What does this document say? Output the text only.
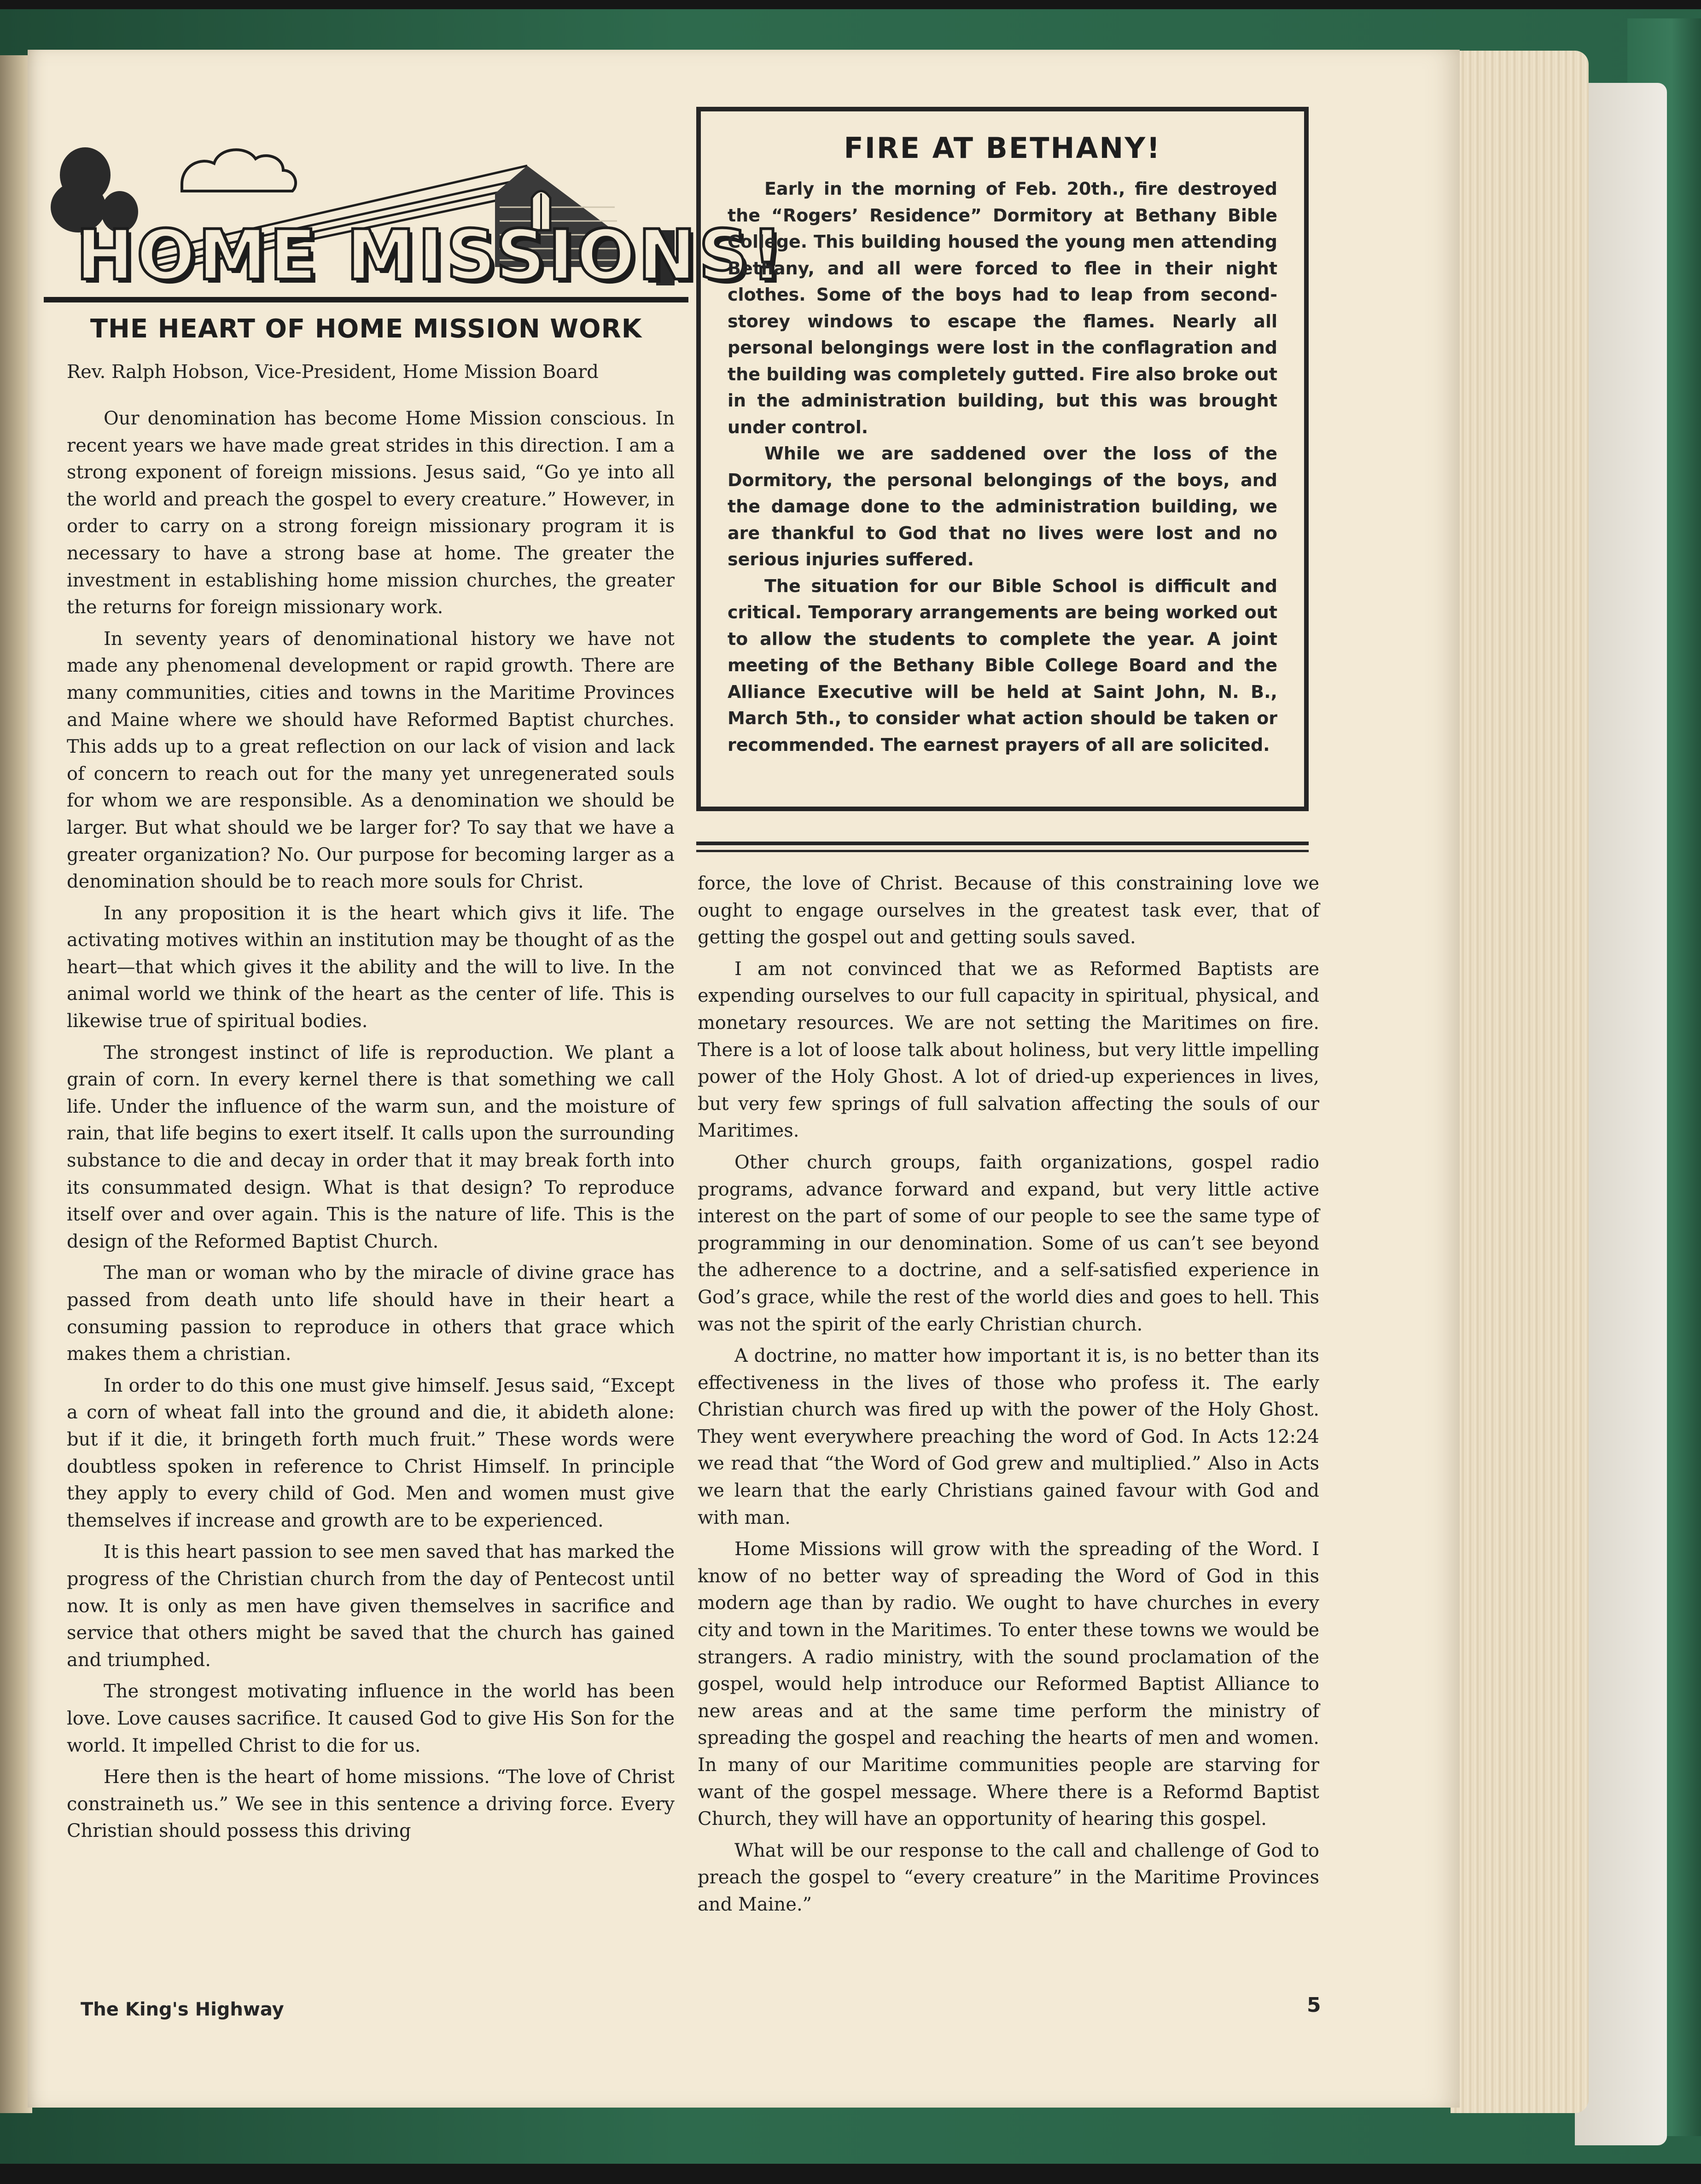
HOME MISSIONS!
THE HEART OF HOME MISSION WORK
Rev. Ralph Hobson, Vice-President, Home Mission Board

Our denomination has become Home Mission conscious. In recent years we have made great strides in this direction. I am a strong exponent of foreign missions. Jesus said, “Go ye into all the world and preach the gospel to every creature.” However, in order to carry on a strong foreign missionary program it is necessary to have a strong base at home. The greater the investment in establishing home mission churches, the greater the returns for foreign missionary work.

In seventy years of denominational history we have not made any phenomenal development or rapid growth. There are many communities, cities and towns in the Maritime Provinces and Maine where we should have Reformed Baptist churches. This adds up to a great reflection on our lack of vision and lack of concern to reach out for the many yet unregenerated souls for whom we are responsible. As a denomination we should be larger. But what should we be larger for? To say that we have a greater organization? No. Our purpose for becoming larger as a denomination should be to reach more souls for Christ.

In any proposition it is the heart which givs it life. The activating motives within an institution may be thought of as the heart—that which gives it the ability and the will to live. In the animal world we think of the heart as the center of life. This is likewise true of spiritual bodies.

The strongest instinct of life is reproduction. We plant a grain of corn. In every kernel there is that something we call life. Under the influence of the warm sun, and the moisture of rain, that life begins to exert itself. It calls upon the surrounding substance to die and decay in order that it may break forth into its consummated design. What is that design? To reproduce itself over and over again. This is the nature of life. This is the design of the Reformed Baptist Church.

The man or woman who by the miracle of divine grace has passed from death unto life should have in their heart a consuming passion to reproduce in others that grace which makes them a christian.

In order to do this one must give himself. Jesus said, “Except a corn of wheat fall into the ground and die, it abideth alone: but if it die, it bringeth forth much fruit.” These words were doubtless spoken in reference to Christ Himself. In principle they apply to every child of God. Men and women must give themselves if increase and growth are to be experienced.

It is this heart passion to see men saved that has marked the progress of the Christian church from the day of Pentecost until now. It is only as men have given themselves in sacrifice and service that others might be saved that the church has gained and triumphed.

The strongest motivating influence in the world has been love. Love causes sacrifice. It caused God to give His Son for the world. It impelled Christ to die for us.

Here then is the heart of home missions. “The love of Christ constraineth us.” We see in this sentence a driving force. Every Christian should possess this driving

FIRE AT BETHANY!

Early in the morning of Feb. 20th., fire destroyed the “Rogers’ Residence” Dormitory at Bethany Bible College. This building housed the young men attending Bethany, and all were forced to flee in their night clothes. Some of the boys had to leap from second-storey windows to escape the flames. Nearly all personal belongings were lost in the conflagration and the building was completely gutted. Fire also broke out in the administration building, but this was brought under control.

While we are saddened over the loss of the Dormitory, the personal belongings of the boys, and the damage done to the administration building, we are thankful to God that no lives were lost and no serious injuries suffered.

The situation for our Bible School is difficult and critical. Temporary arrangements are being worked out to allow the students to complete the year. A joint meeting of the Bethany Bible College Board and the Alliance Executive will be held at Saint John, N. B., March 5th., to consider what action should be taken or recommended. The earnest prayers of all are solicited.

force, the love of Christ. Because of this constraining love we ought to engage ourselves in the greatest task ever, that of getting the gospel out and getting souls saved.

I am not convinced that we as Reformed Baptists are expending ourselves to our full capacity in spiritual, physical, and monetary resources. We are not setting the Maritimes on fire. There is a lot of loose talk about holiness, but very little impelling power of the Holy Ghost. A lot of dried-up experiences in lives, but very few springs of full salvation affecting the souls of our Maritimes.

Other church groups, faith organizations, gospel radio programs, advance forward and expand, but very little active interest on the part of some of our people to see the same type of programming in our denomination. Some of us can’t see beyond the adherence to a doctrine, and a self-satisfied experience in God’s grace, while the rest of the world dies and goes to hell. This was not the spirit of the early Christian church.

A doctrine, no matter how important it is, is no better than its effectiveness in the lives of those who profess it. The early Christian church was fired up with the power of the Holy Ghost. They went everywhere preaching the word of God. In Acts 12:24 we read that “the Word of God grew and multiplied.” Also in Acts we learn that the early Christians gained favour with God and with man.

Home Missions will grow with the spreading of the Word. I know of no better way of spreading the Word of God in this modern age than by radio. We ought to have churches in every city and town in the Maritimes. To enter these towns we would be strangers. A radio ministry, with the sound proclamation of the gospel, would help introduce our Reformed Baptist Alliance to new areas and at the same time perform the ministry of spreading the gospel and reaching the hearts of men and women. In many of our Maritime communities people are starving for want of the gospel message. Where there is a Reformd Baptist Church, they will have an opportunity of hearing this gospel.

What will be our response to the call and challenge of God to preach the gospel to “every creature” in the Maritime Provinces and Maine.”

The King's Highway	5
